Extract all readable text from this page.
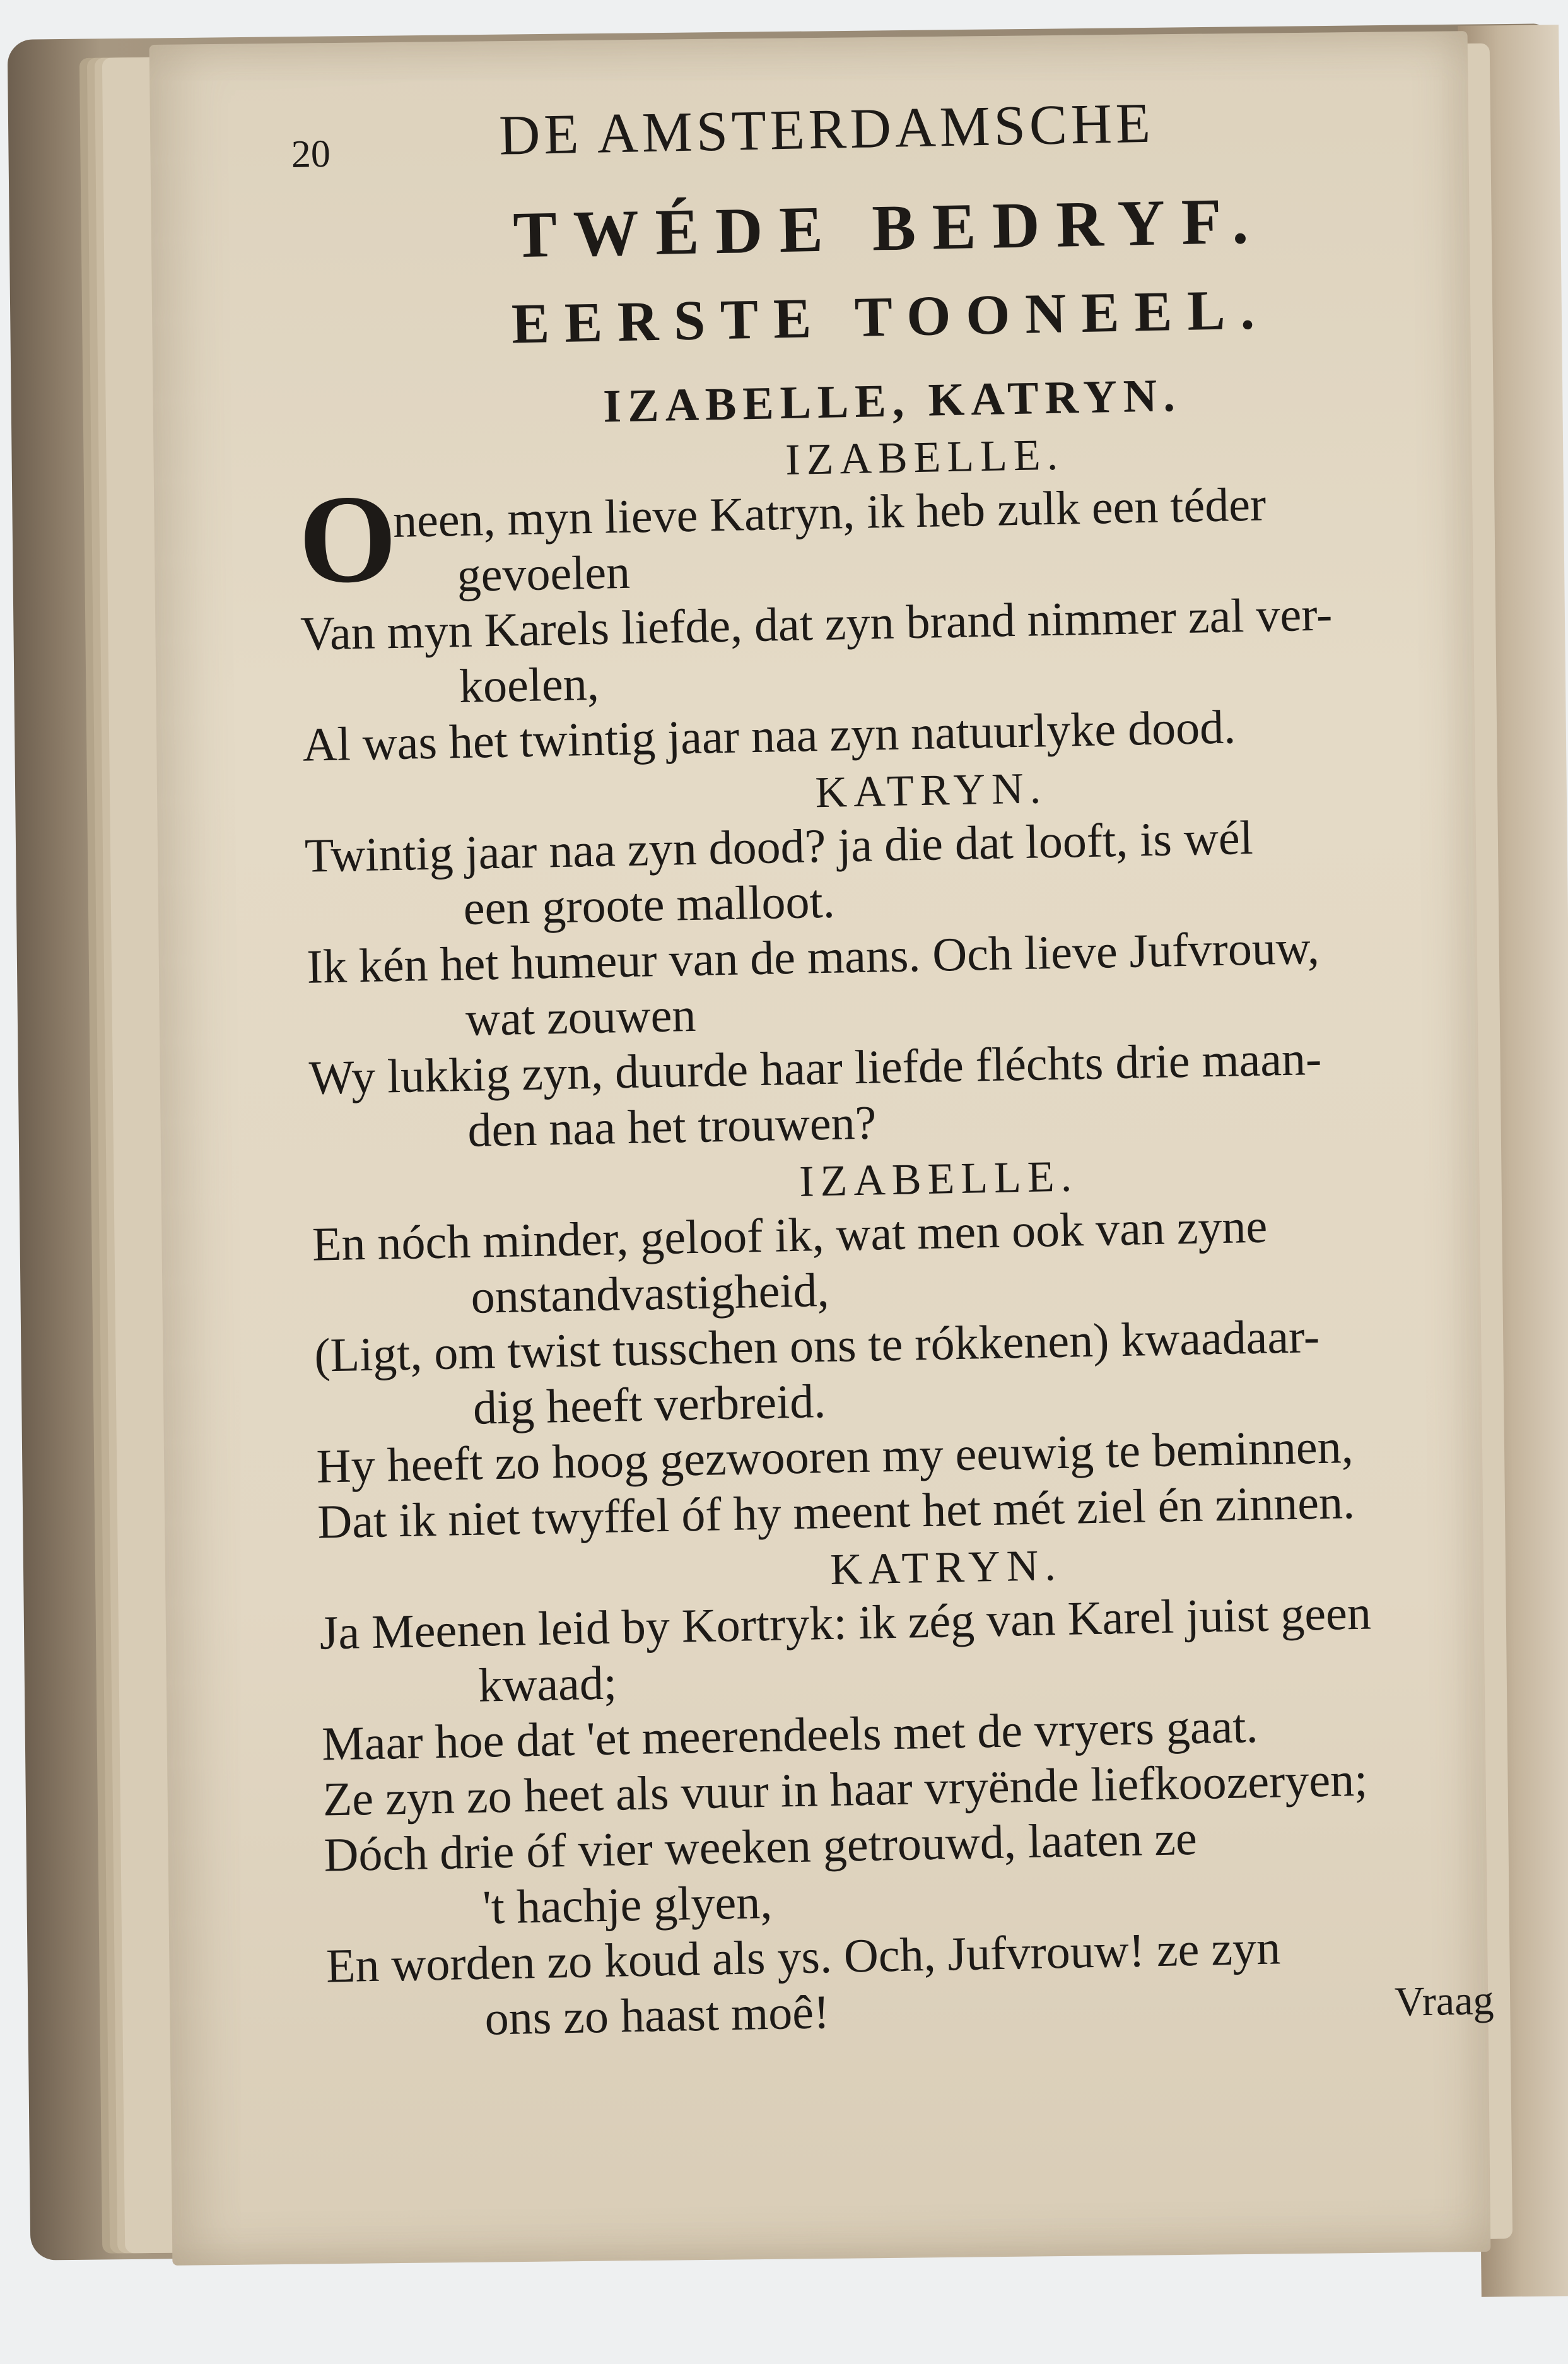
20	DE AMSTERDAMSCHE
TWÉDE BEDRYF.
EERSTE TOONEEL.
IZABELLE, KATRYN.
IZABELLE.
O
neen, myn lieve Katryn, ik heb zulk een téder
gevoelen
Van myn Karels liefde, dat zyn brand nimmer zal ver-
koelen,
Al was het twintig jaar naa zyn natuurlyke dood.
KATRYN.
Twintig jaar naa zyn dood? ja die dat looft, is wél
een groote malloot.
Ik kén het humeur van de mans. Och lieve Jufvrouw,
wat zouwen
Wy lukkig zyn, duurde haar liefde fléchts drie maan-
den naa het trouwen?
IZABELLE.
En nóch minder, geloof ik, wat men ook van zyne
onstandvastigheid,
(Ligt, om twist tusschen ons te rókkenen) kwaadaar-
dig heeft verbreid.
Hy heeft zo hoog gezwooren my eeuwig te beminnen,
Dat ik niet twyffel óf hy meent het mét ziel én zinnen.
KATRYN.
Ja Meenen leid by Kortryk: ik zég van Karel juist geen
kwaad;
Maar hoe dat 'et meerendeels met de vryers gaat.
Ze zyn zo heet als vuur in haar vryënde liefkoozeryen;
Dóch drie óf vier weeken getrouwd, laaten ze
't hachje glyen,
En worden zo koud als ys. Och, Jufvrouw! ze zyn
ons zo haast moê!	Vraag
